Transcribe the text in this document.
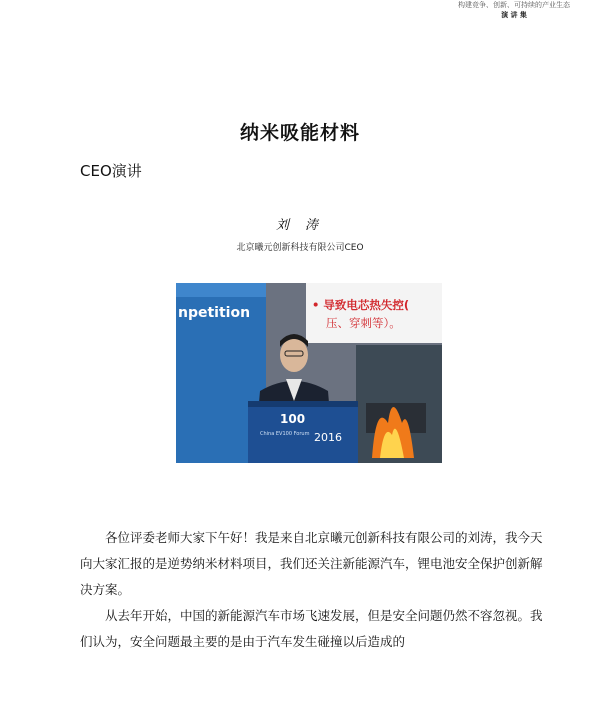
构建竞争、创新、可持续的产业生态
演 讲 集
纳米吸能材料
CEO演讲
刘 涛
北京曦元创新科技有限公司CEO
npetition	• 导致电芯热失控(
压、穿刺等）。
100
China EV100 Forum 2016

各位评委老师大家下午好！我是来自北京曦元创新科技有限公司的刘涛，我今天向大家汇报的是逆势纳米材料项目，我们还关注新能源汽车，锂电池安全保护创新解决方案。

从去年开始，中国的新能源汽车市场飞速发展，但是安全问题仍然不容忽视。我们认为，安全问题最主要的是由于汽车发生碰撞以后造成的
